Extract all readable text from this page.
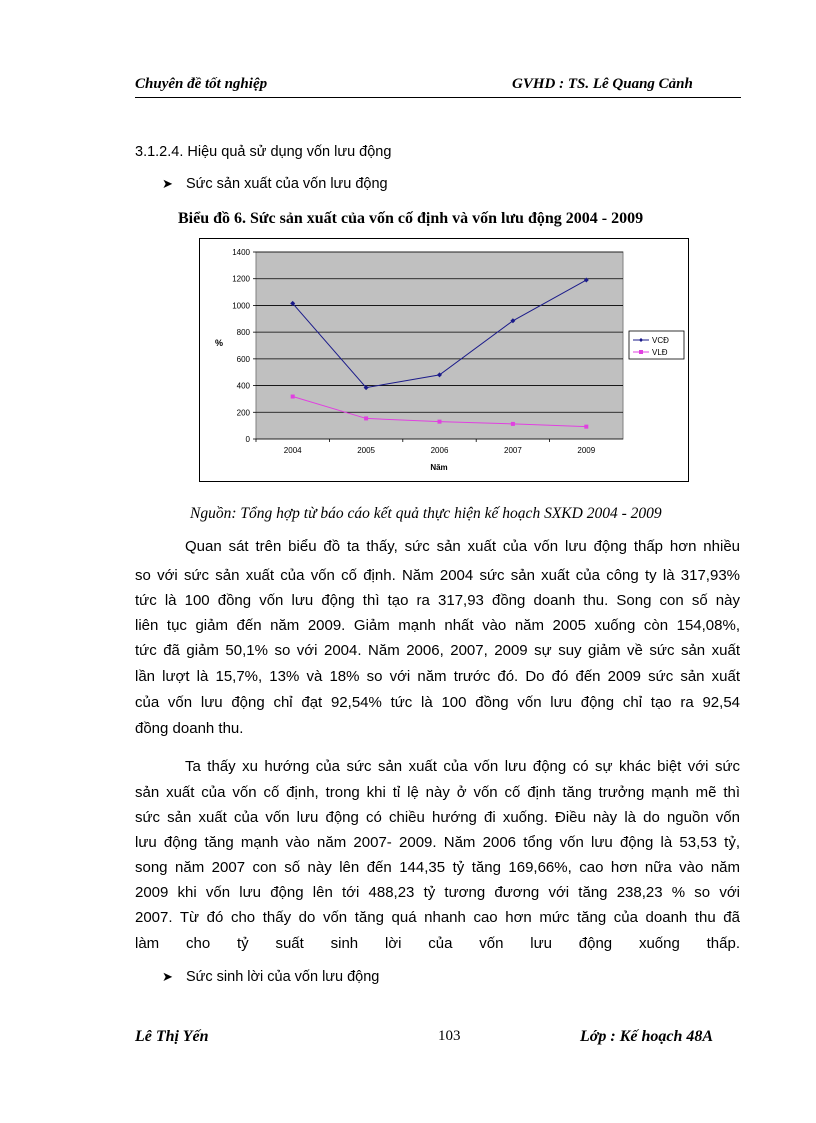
Chuyên đề tốt nghiệp	GVHD : TS. Lê Quang Cảnh
3.1.2.4. Hiệu quả sử dụng vốn lưu động
➤ Sức sản xuất của vốn lưu động
Biểu đồ 6. Sức sản xuất của vốn cố định và vốn lưu động 2004 - 2009
0
200
400
600
800
1000
1200
1400
2004	2005	2006	2007	2009
%
Năm
VCĐ
VLĐ
Nguồn: Tổng hợp từ báo cáo kết quả thực hiện kế hoạch SXKD 2004 - 2009
Quan sát trên biểu đồ ta thấy, sức sản xuất của vốn lưu động thấp hơn nhiều
so với sức sản xuất của vốn cố định. Năm 2004 sức sản xuất của công ty là 317,93%
tức là 100 đồng vốn lưu động thì tạo ra 317,93 đồng doanh thu. Song con số này
liên tục giảm đến năm 2009. Giảm mạnh nhất vào năm 2005 xuống còn 154,08%,
tức đã giảm 50,1% so với 2004. Năm 2006, 2007, 2009 sự suy giảm về sức sản xuất
lần lượt là 15,7%, 13% và 18% so với năm trước đó. Do đó đến 2009 sức sản xuất
của vốn lưu động chỉ đạt 92,54% tức là 100 đồng vốn lưu động chỉ tạo ra 92,54
đồng doanh thu.
Ta thấy xu hướng của sức sản xuất của vốn lưu động có sự khác biệt với sức
sản xuất của vốn cố định, trong khi tỉ lệ này ở vốn cố định tăng trưởng mạnh mẽ thì
sức sản xuất của vốn lưu động có chiều hướng đi xuống. Điều này là do nguồn vốn
lưu động tăng mạnh vào năm 2007- 2009. Năm 2006 tổng vốn lưu động là 53,53 tỷ,
song năm 2007 con số này lên đến 144,35 tỷ tăng 169,66%, cao hơn nữa vào năm
2009 khi vốn lưu động lên tới 488,23 tỷ tương đương với tăng 238,23 % so với
2007. Từ đó cho thấy do vốn tăng quá nhanh cao hơn mức tăng của doanh thu đã
làm cho tỷ suất sinh lời của vốn lưu động xuống thấp.
➤ Sức sinh lời của vốn lưu động
Lê Thị Yến	103	Lớp : Kế hoạch 48A
